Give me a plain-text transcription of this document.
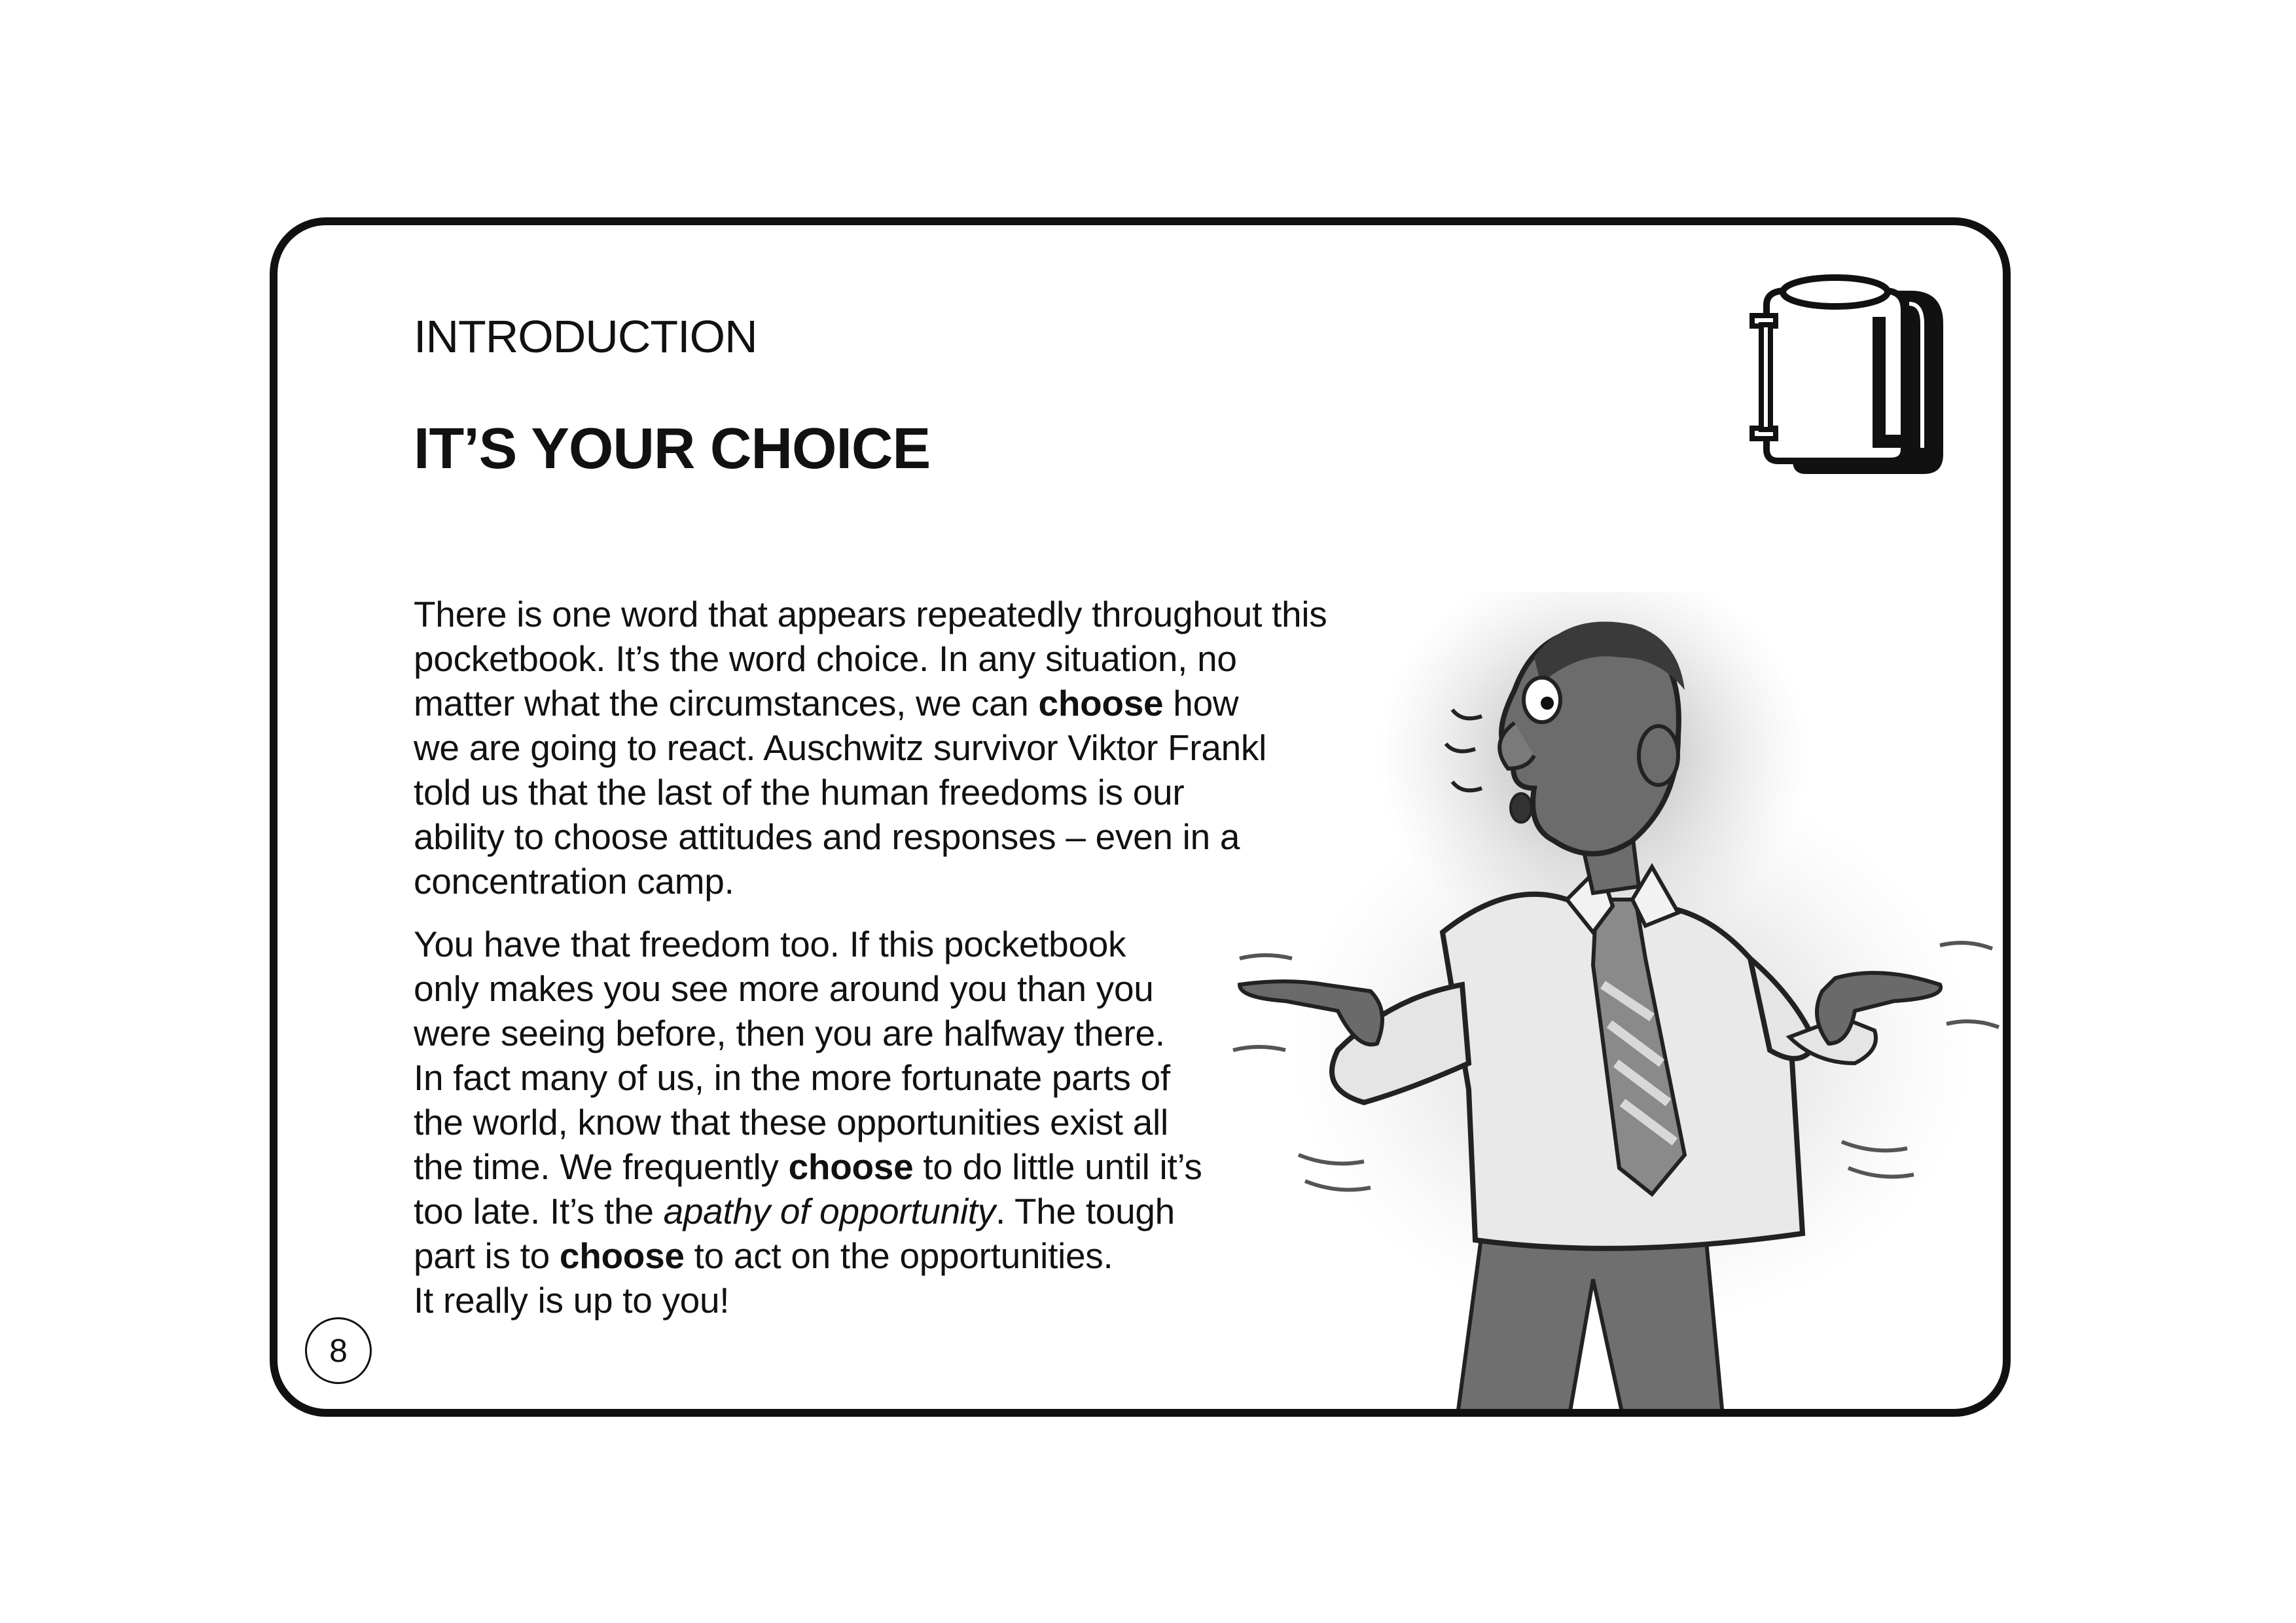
INTRODUCTION
IT’S YOUR CHOICE

There is one word that appears repeatedly throughout this
pocketbook. It’s the word choice. In any situation, no
matter what the circumstances, we can choose how
we are going to react. Auschwitz survivor Viktor Frankl
told us that the last of the human freedoms is our
ability to choose attitudes and responses – even in a
concentration camp.

You have that freedom too. If this pocketbook
only makes you see more around you than you
were seeing before, then you are halfway there.
In fact many of us, in the more fortunate parts of
the world, know that these opportunities exist all
the time. We frequently choose to do little until it’s
too late. It’s the apathy of opportunity. The tough
part is to choose to act on the opportunities.
It really is up to you!

8
